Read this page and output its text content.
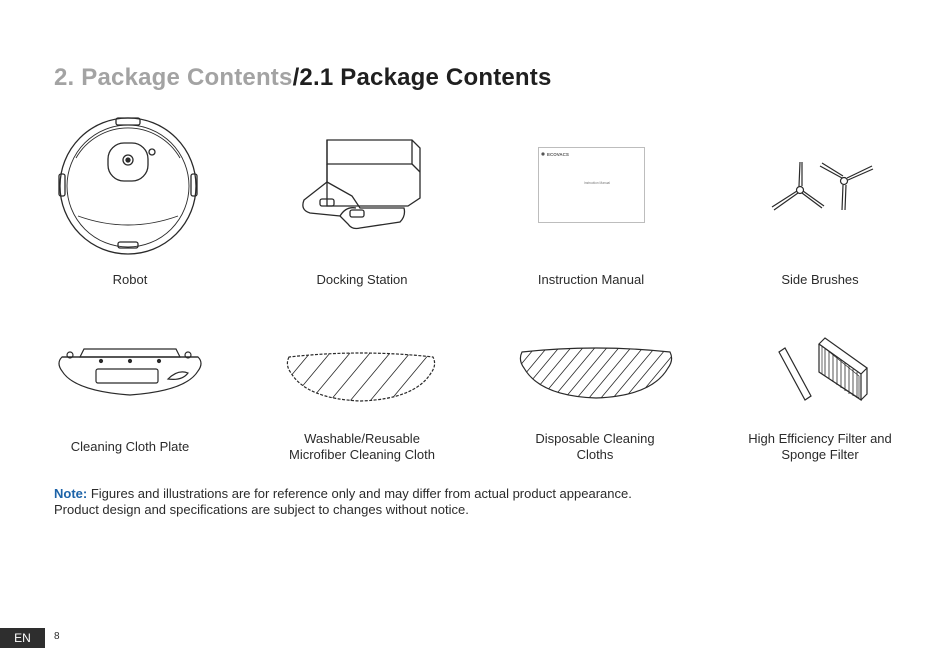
2. Package Contents/2.1 Package Contents
Robot	Docking Station
ECOVACS
Instruction Manual
Instruction Manual	Side Brushes
Cleaning Cloth Plate
Washable/Reusable
Microfiber Cleaning Cloth
Disposable Cleaning
Cloths
High Efficiency Filter and
Sponge Filter
Note: Figures and illustrations are for reference only and may differ from actual product appearance.
Product design and specifications are subject to changes without notice.
EN	8
